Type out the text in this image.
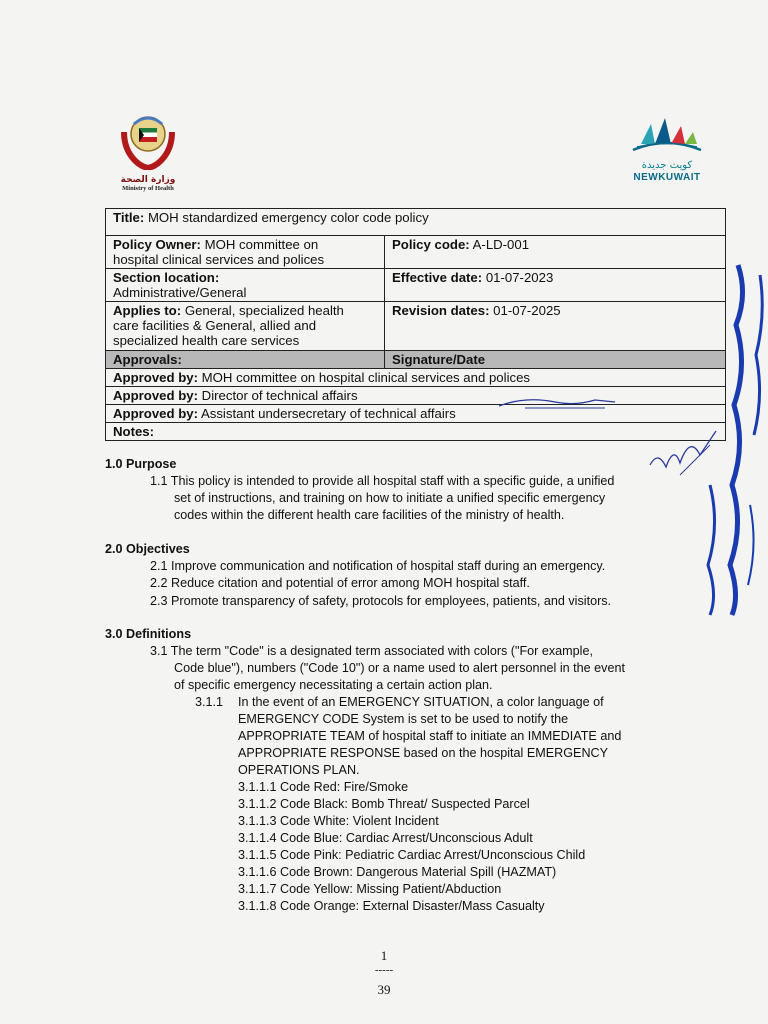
وزارة الصحة
Ministry of Health
كويت جديدة
NEWKUWAIT
Title: MOH standardized emergency color code policy	
Policy Owner: MOH committee on
hospital clinical services and polices	Policy code: A-LD-001
Section location:
Administrative/General	Effective date: 01-07-2023
Applies to: General, specialized health
care facilities & General, allied and
specialized health care services	Revision dates: 01-07-2025
Approvals:	Signature/Date
Approved by: MOH committee on hospital clinical services and polices	
Approved by: Director of technical affairs	
Approved by: Assistant undersecretary of technical affairs	
Notes:	
1.0 Purpose
1.1 This policy is intended to provide all hospital staff with a specific guide, a unified
set of instructions, and training on how to initiate a unified specific emergency
codes within the different health care facilities of the ministry of health.
2.0 Objectives
2.1 Improve communication and notification of hospital staff during an emergency.
2.2 Reduce citation and potential of error among MOH hospital staff.
2.3 Promote transparency of safety, protocols for employees, patients, and visitors.
3.0 Definitions
3.1 The term "Code" is a designated term associated with colors ("For example,
Code blue"), numbers ("Code 10") or a name used to alert personnel in the event
of specific emergency necessitating a certain action plan.
3.1.1 In the event of an EMERGENCY SITUATION, a color language of
EMERGENCY CODE System is set to be used to notify the
APPROPRIATE TEAM of hospital staff to initiate an IMMEDIATE and
APPROPRIATE RESPONSE based on the hospital EMERGENCY
OPERATIONS PLAN.
3.1.1.1 Code Red: Fire/Smoke
3.1.1.2 Code Black: Bomb Threat/ Suspected Parcel
3.1.1.3 Code White: Violent Incident
3.1.1.4 Code Blue: Cardiac Arrest/Unconscious Adult
3.1.1.5 Code Pink: Pediatric Cardiac Arrest/Unconscious Child
3.1.1.6 Code Brown: Dangerous Material Spill (HAZMAT)
3.1.1.7 Code Yellow: Missing Patient/Abduction
3.1.1.8 Code Orange: External Disaster/Mass Casualty
1
-----
39
